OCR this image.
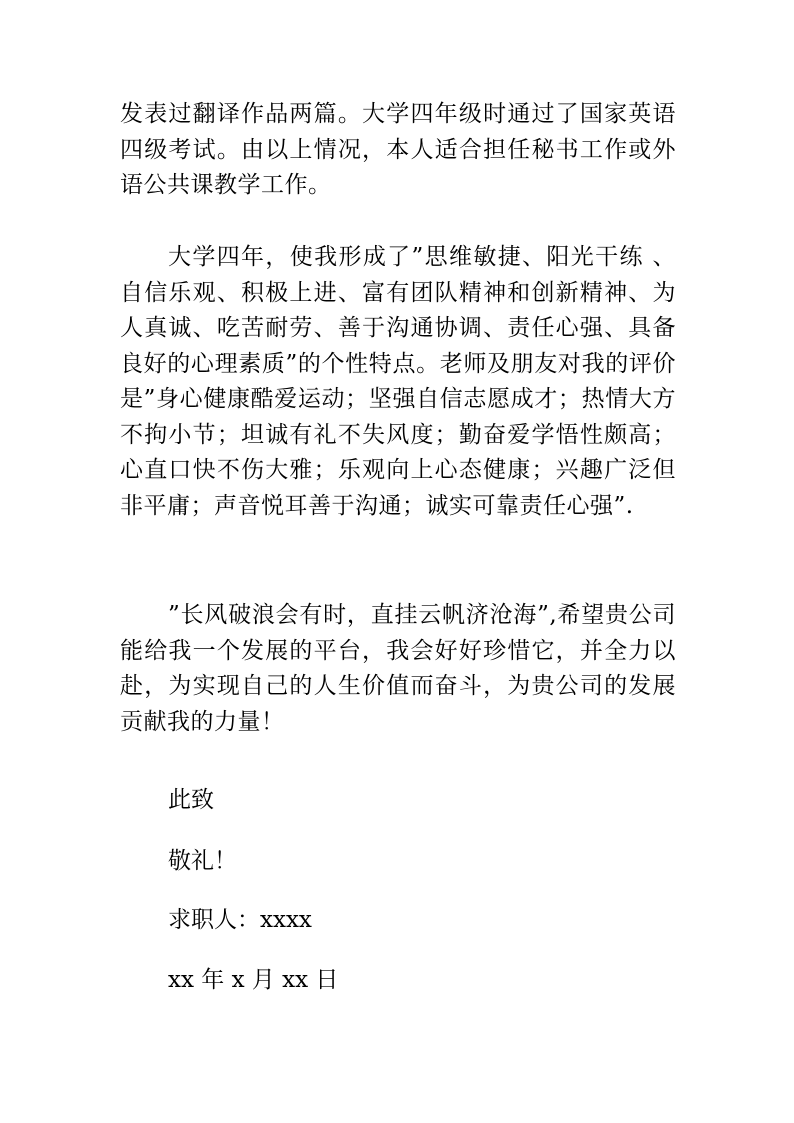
发表过翻译作品两篇。大学四年级时通过了国家英语四级考试。由以上情况，本人适合担任秘书工作或外语公共课教学工作。

大学四年，使我形成了”思维敏捷、阳光干练 、自信乐观、积极上进、富有团队精神和创新精神、为人真诚、吃苦耐劳、善于沟通协调、责任心强、具备良好的心理素质”的个性特点。老师及朋友对我的评价是”身心健康酷爱运动；坚强自信志愿成才；热情大方不拘小节；坦诚有礼不失风度；勤奋爱学悟性颇高；心直口快不伤大雅；乐观向上心态健康；兴趣广泛但非平庸；声音悦耳善于沟通；诚实可靠责任心强”.

”长风破浪会有时，直挂云帆济沧海”,希望贵公司能给我一个发展的平台，我会好好珍惜它，并全力以赴，为实现自己的人生价值而奋斗，为贵公司的发展贡献我的力量！

此致

敬礼！

求职人：xxxx

xx 年 x 月 xx 日
